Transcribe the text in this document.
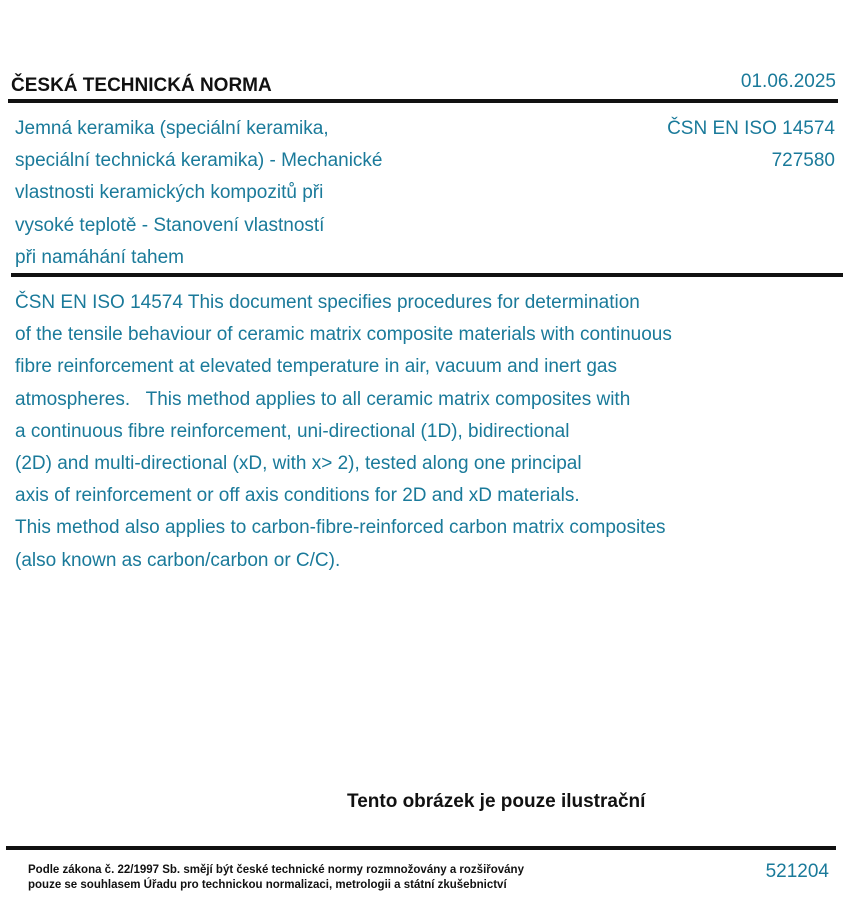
ČESKÁ TECHNICKÁ NORMA	01.06.2025
Jemná keramika (speciální keramika,
speciální technická keramika) - Mechanické
vlastnosti keramických kompozitů při
vysoké teplotě - Stanovení vlastností
při namáhání tahem
ČSN EN ISO 14574
727580
ČSN EN ISO 14574 This document specifies procedures for determination
of the tensile behaviour of ceramic matrix composite materials with continuous
fibre reinforcement at elevated temperature in air, vacuum and inert gas
atmospheres.   This method applies to all ceramic matrix composites with
a continuous fibre reinforcement, uni-directional (1D), bidirectional
(2D) and multi-directional (xD, with x> 2), tested along one principal
axis of reinforcement or off axis conditions for 2D and xD materials.
This method also applies to carbon-fibre-reinforced carbon matrix composites
(also known as carbon/carbon or C/C).
Tento obrázek je pouze ilustrační
Podle zákona č. 22/1997 Sb. smějí být české technické normy rozmnožovány a rozšiřovány
pouze se souhlasem Úřadu pro technickou normalizaci, metrologii a státní zkušebnictví
521204
